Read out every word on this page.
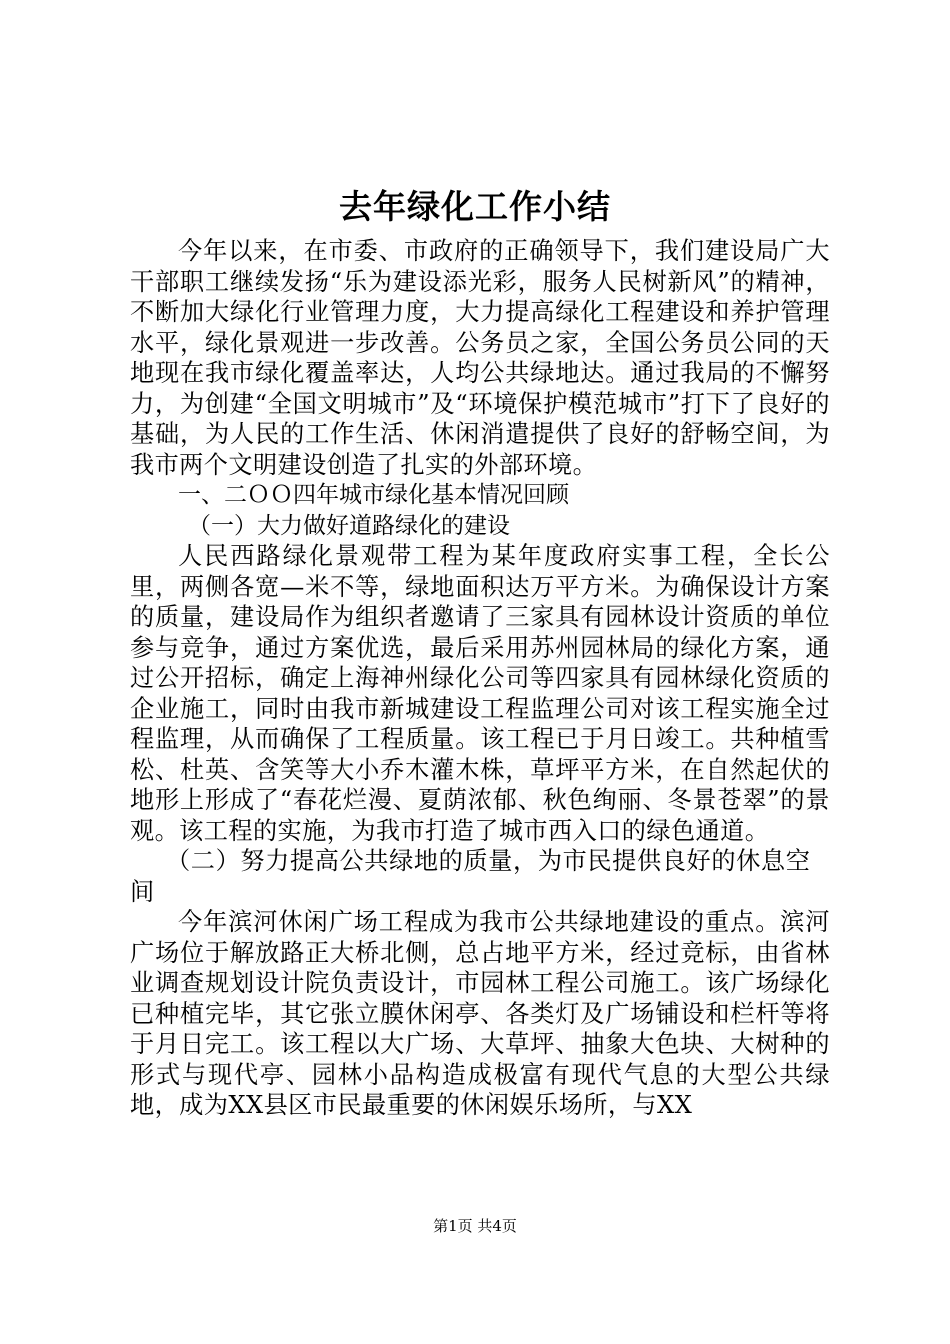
去年绿化工作小结

今年以来，在市委、市政府的正确领导下，我们建设局广大干部职工继续发扬“乐为建设添光彩，服务人民树新风”的精神，不断加大绿化行业管理力度，大力提高绿化工程建设和养护管理水平，绿化景观进一步改善。公务员之家，全国公务员公同的天地现在我市绿化覆盖率达，人均公共绿地达。通过我局的不懈努力，为创建“全国文明城市”及“环境保护模范城市”打下了良好的基础，为人民的工作生活、休闲消遣提供了良好的舒畅空间，为我市两个文明建设创造了扎实的外部环境。

一、二ＯＯ四年城市绿化基本情况回顾

（一）大力做好道路绿化的建设

人民西路绿化景观带工程为某年度政府实事工程，全长公里，两侧各宽—米不等，绿地面积达万平方米。为确保设计方案的质量，建设局作为组织者邀请了三家具有园林设计资质的单位参与竞争，通过方案优选，最后采用苏州园林局的绿化方案，通过公开招标，确定上海神州绿化公司等四家具有园林绿化资质的企业施工，同时由我市新城建设工程监理公司对该工程实施全过程监理，从而确保了工程质量。该工程已于月日竣工。共种植雪松、杜英、含笑等大小乔木灌木株，草坪平方米，在自然起伏的地形上形成了“春花烂漫、夏荫浓郁、秋色绚丽、冬景苍翠”的景观。该工程的实施，为我市打造了城市西入口的绿色通道。

（二）努力提高公共绿地的质量，为市民提供良好的休息空间

今年滨河休闲广场工程成为我市公共绿地建设的重点。滨河广场位于解放路正大桥北侧，总占地平方米，经过竞标，由省林业调查规划设计院负责设计，市园林工程公司施工。该广场绿化已种植完毕，其它张立膜休闲亭、各类灯及广场铺设和栏杆等将于月日完工。该工程以大广场、大草坪、抽象大色块、大树种的形式与现代亭、园林小品构造成极富有现代气息的大型公共绿地，成为XX县区市民最重要的休闲娱乐场所，与XX

第1页 共4页
